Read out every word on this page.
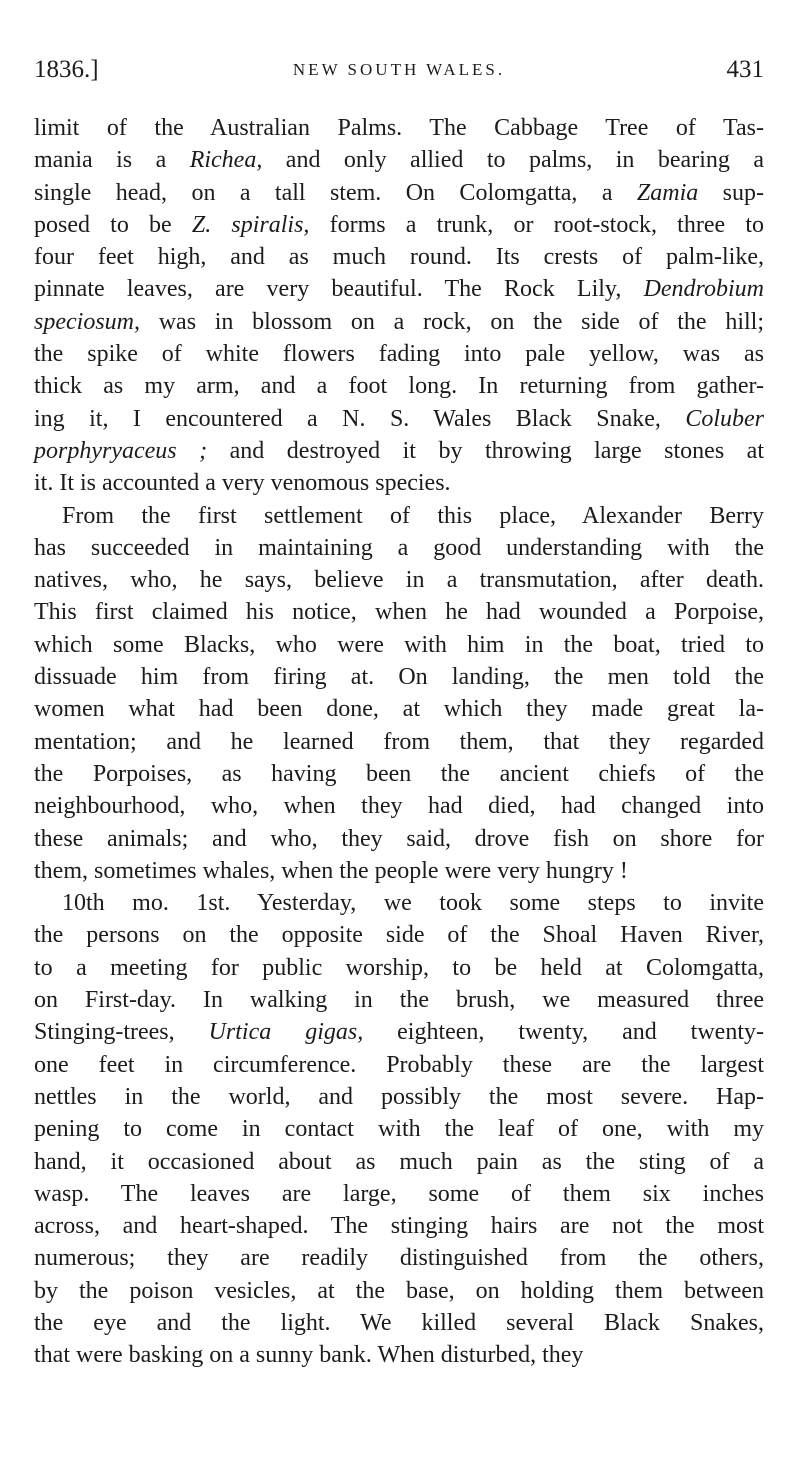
1836.]	NEW SOUTH WALES.	431

limit of the Australian Palms. The Cabbage Tree of Tas-
mania is a Richea, and only allied to palms, in bearing a
single head, on a tall stem. On Colomgatta, a Zamia sup-
posed to be Z. spiralis, forms a trunk, or root-stock, three to
four feet high, and as much round. Its crests of palm-like,
pinnate leaves, are very beautiful. The Rock Lily, Dendrobium
speciosum, was in blossom on a rock, on the side of the hill;
the spike of white flowers fading into pale yellow, was as
thick as my arm, and a foot long. In returning from gather-
ing it, I encountered a N. S. Wales Black Snake, Coluber
porphyryaceus ; and destroyed it by throwing large stones at
it. It is accounted a very venomous species.

From the first settlement of this place, Alexander Berry
has succeeded in maintaining a good understanding with the
natives, who, he says, believe in a transmutation, after death.
This first claimed his notice, when he had wounded a Porpoise,
which some Blacks, who were with him in the boat, tried to
dissuade him from firing at. On landing, the men told the
women what had been done, at which they made great la-
mentation; and he learned from them, that they regarded
the Porpoises, as having been the ancient chiefs of the
neighbourhood, who, when they had died, had changed into
these animals; and who, they said, drove fish on shore for
them, sometimes whales, when the people were very hungry !

10th mo. 1st. Yesterday, we took some steps to invite
the persons on the opposite side of the Shoal Haven River,
to a meeting for public worship, to be held at Colomgatta,
on First-day. In walking in the brush, we measured three
Stinging-trees, Urtica gigas, eighteen, twenty, and twenty-
one feet in circumference. Probably these are the largest
nettles in the world, and possibly the most severe. Hap-
pening to come in contact with the leaf of one, with my
hand, it occasioned about as much pain as the sting of a
wasp. The leaves are large, some of them six inches
across, and heart-shaped. The stinging hairs are not the most
numerous; they are readily distinguished from the others,
by the poison vesicles, at the base, on holding them between
the eye and the light. We killed several Black Snakes,
that were basking on a sunny bank. When disturbed, they
